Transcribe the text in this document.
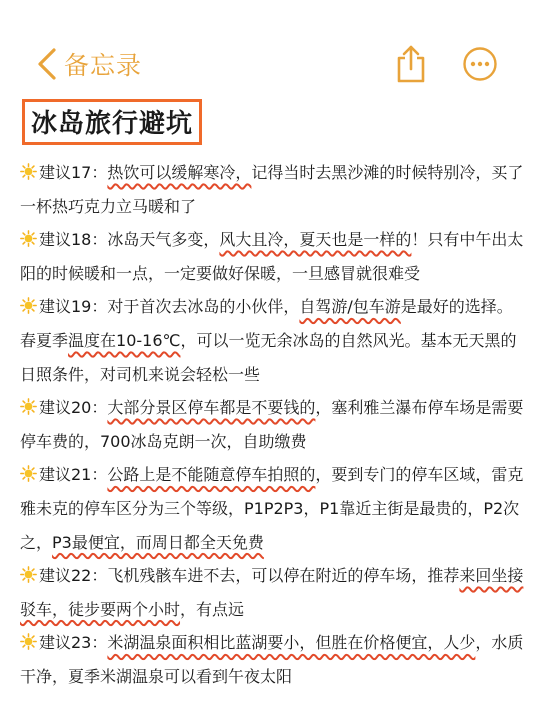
备忘录
冰岛旅行避坑

建议17：热饮可以缓解寒冷，记得当时去黑沙滩的时候特别冷，买了一杯热巧克力立马暖和了

建议18：冰岛天气多变，风大且冷，夏天也是一样的！只有中午出太阳的时候暖和一点，一定要做好保暖，一旦感冒就很难受

建议19：对于首次去冰岛的小伙伴，自驾游/包车游是最好的选择。春夏季温度在10-16℃，可以一览无余冰岛的自然风光。基本无天黑的日照条件，对司机来说会轻松一些

建议20：大部分景区停车都是不要钱的，塞利雅兰瀑布停车场是需要停车费的，700冰岛克朗一次，自助缴费

建议21：公路上是不能随意停车拍照的，要到专门的停车区域，雷克雅未克的停车区分为三个等级，P1P2P3，P1靠近主街是最贵的，P2次之，P3最便宜，而周日都全天免费

建议22：飞机残骸车进不去，可以停在附近的停车场，推荐来回坐接驳车，徒步要两个小时，有点远

建议23：米湖温泉面积相比蓝湖要小，但胜在价格便宜，人少，水质干净，夏季米湖温泉可以看到午夜太阳
